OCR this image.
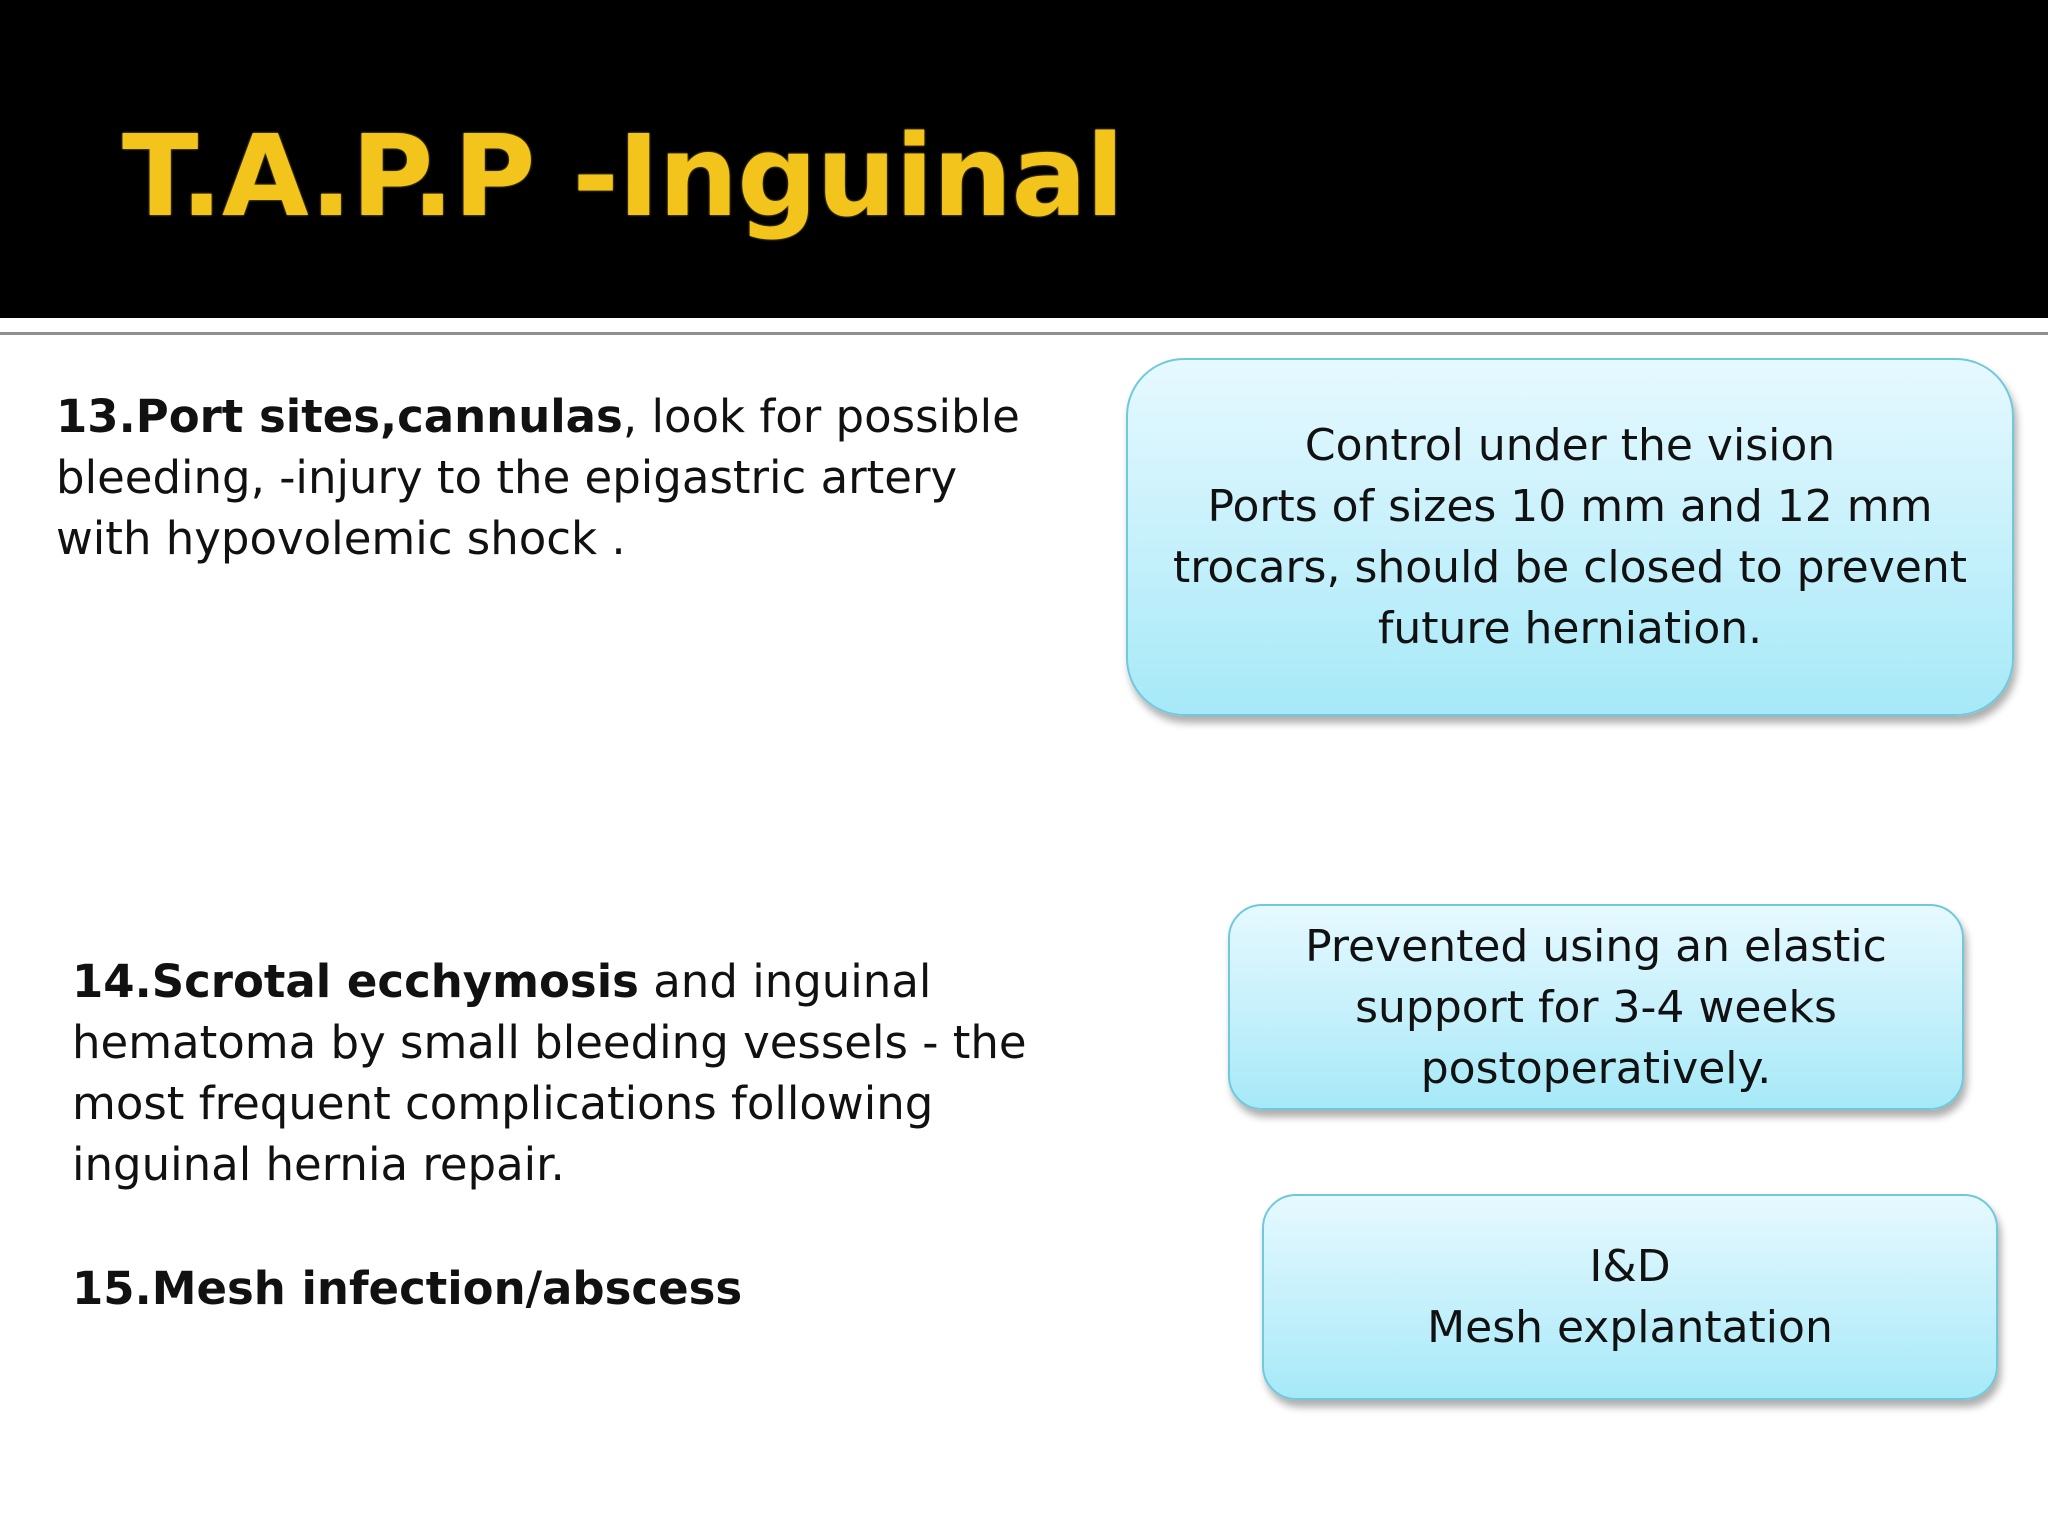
T.A.P.P -Inguinal

13.Port sites,cannulas, look for possible bleeding, -injury to the epigastric artery with hypovolemic shock .

14.Scrotal ecchymosis and inguinal hematoma by small bleeding vessels - the most frequent complications following inguinal hernia repair.

15.Mesh infection/abscess

Control under the vision
Ports of sizes 10 mm and 12 mm
trocars, should be closed to prevent
future herniation.
Prevented using an elastic
support for 3-4 weeks
postoperatively.
I&D
Mesh explantation
